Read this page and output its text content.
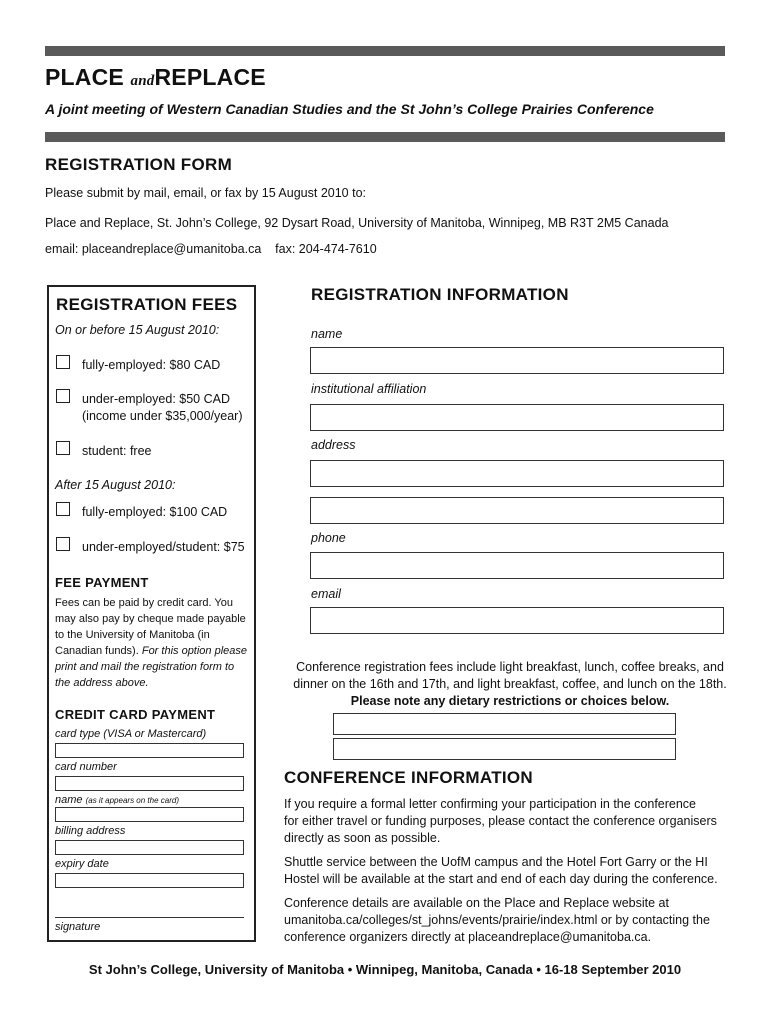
PLACE andREPLACE
A joint meeting of Western Canadian Studies and the St John’s College Prairies Conference
REGISTRATION FORM
Please submit by mail, email, or fax by 15 August 2010 to:
Place and Replace, St. John’s College, 92 Dysart Road, University of Manitoba, Winnipeg, MB R3T 2M5 Canada
email: placeandreplace@umanitoba.ca    fax: 204-474-7610
REGISTRATION FEES
On or before 15 August 2010:
fully-employed: $80 CAD
under-employed: $50 CAD
(income under $35,000/year)
student: free
After 15 August 2010:
fully-employed: $100 CAD
under-employed/student: $75
FEE PAYMENT
Fees can be paid by credit card. You
may also pay by cheque made payable
to the University of Manitoba (in
Canadian funds). For this option please
print and mail the registration form to
the address above.
CREDIT CARD PAYMENT
card type (VISA or Mastercard)
card number
name (as it appears on the card)
billing address
expiry date
signature
REGISTRATION INFORMATION
name
institutional affiliation
address
phone
email
Conference registration fees include light breakfast, lunch, coffee breaks, and
dinner on the 16th and 17th, and light breakfast, coffee, and lunch on the 18th.
Please note any dietary restrictions or choices below.
CONFERENCE INFORMATION
If you require a formal letter confirming your participation in the conference
for either travel or funding purposes, please contact the conference organisers
directly as soon as possible.
Shuttle service between the UofM campus and the Hotel Fort Garry or the HI
Hostel will be available at the start and end of each day during the conference.
Conference details are available on the Place and Replace website at
umanitoba.ca/colleges/st_johns/events/prairie/index.html or by contacting the
conference organizers directly at placeandreplace@umanitoba.ca.
St John’s College, University of Manitoba • Winnipeg, Manitoba, Canada • 16-18 September 2010
